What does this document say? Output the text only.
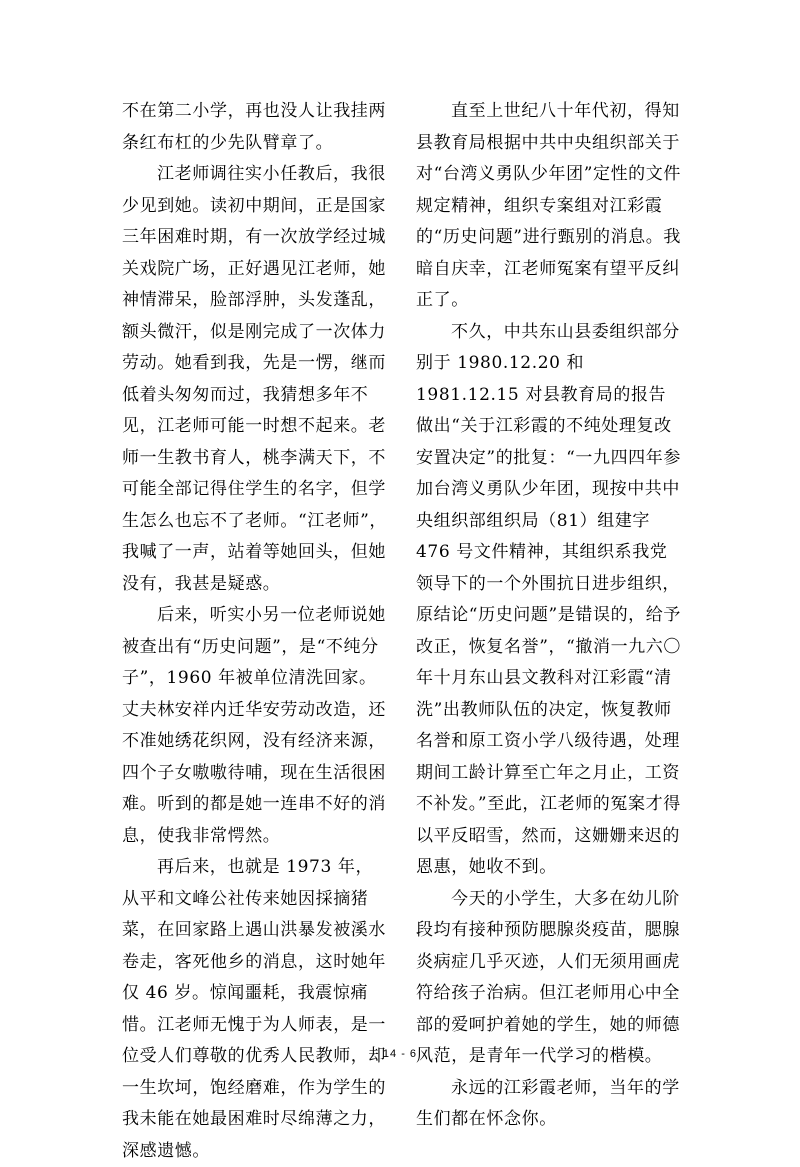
不在第二小学，再也没人让我挂两条红布杠的少先队臂章了。

江老师调往实小任教后，我很少见到她。读初中期间，正是国家三年困难时期，有一次放学经过城关戏院广场，正好遇见江老师，她神情滞呆，脸部浮肿，头发蓬乱，额头微汗，似是刚完成了一次体力劳动。她看到我，先是一愣，继而低着头匆匆而过，我猜想多年不见，江老师可能一时想不起来。老师一生教书育人，桃李满天下，不可能全部记得住学生的名字，但学生怎么也忘不了老师。“江老师”，我喊了一声，站着等她回头，但她没有，我甚是疑惑。

后来，听实小另一位老师说她被查出有“历史问题”，是“不纯分子”，1960 年被单位清洗回家。丈夫林安祥内迁华安劳动改造，还不准她绣花织网，没有经济来源，四个子女嗷嗷待哺，现在生活很困难。听到的都是她一连串不好的消息，使我非常愕然。

再后来，也就是 1973 年，从平和文峰公社传来她因採摘猪菜，在回家路上遇山洪暴发被溪水卷走，客死他乡的消息，这时她年仅 46 岁。惊闻噩耗，我震惊痛惜。江老师无愧于为人师表，是一位受人们尊敬的优秀人民教师，却一生坎坷，饱经磨难，作为学生的我未能在她最困难时尽绵薄之力，深感遗憾。

直至上世纪八十年代初，得知县教育局根据中共中央组织部关于对“台湾义勇队少年团”定性的文件规定精神，组织专案组对江彩霞的“历史问题”进行甄别的消息。我暗自庆幸，江老师冤案有望平反纠正了。

不久，中共东山县委组织部分别于 1980.12.20 和 1981.12.15 对县教育局的报告做出“关于江彩霞的不纯处理复改安置决定”的批复：“一九四四年参加台湾义勇队少年团，现按中共中央组织部组织局（81）组建字476 号文件精神，其组织系我党领导下的一个外围抗日进步组织，原结论“历史问题”是错误的，给予改正，恢复名誉”，“撤消一九六〇年十月东山县文教科对江彩霞“清洗”出教师队伍的决定，恢复教师名誉和原工资小学八级待遇，处理期间工龄计算至亡年之月止，工资不补发。”至此，江老师的冤案才得以平反昭雪，然而，这姗姗来迟的恩惠，她收不到。

今天的小学生，大多在幼儿阶段均有接种预防腮腺炎疫苗，腮腺炎病症几乎灭迹，人们无须用画虎符给孩子治病。但江老师用心中全部的爱呵护着她的学生，她的师德风范，是青年一代学习的楷模。

永远的江彩霞老师，当年的学生们都在怀念你。

14 - 6
